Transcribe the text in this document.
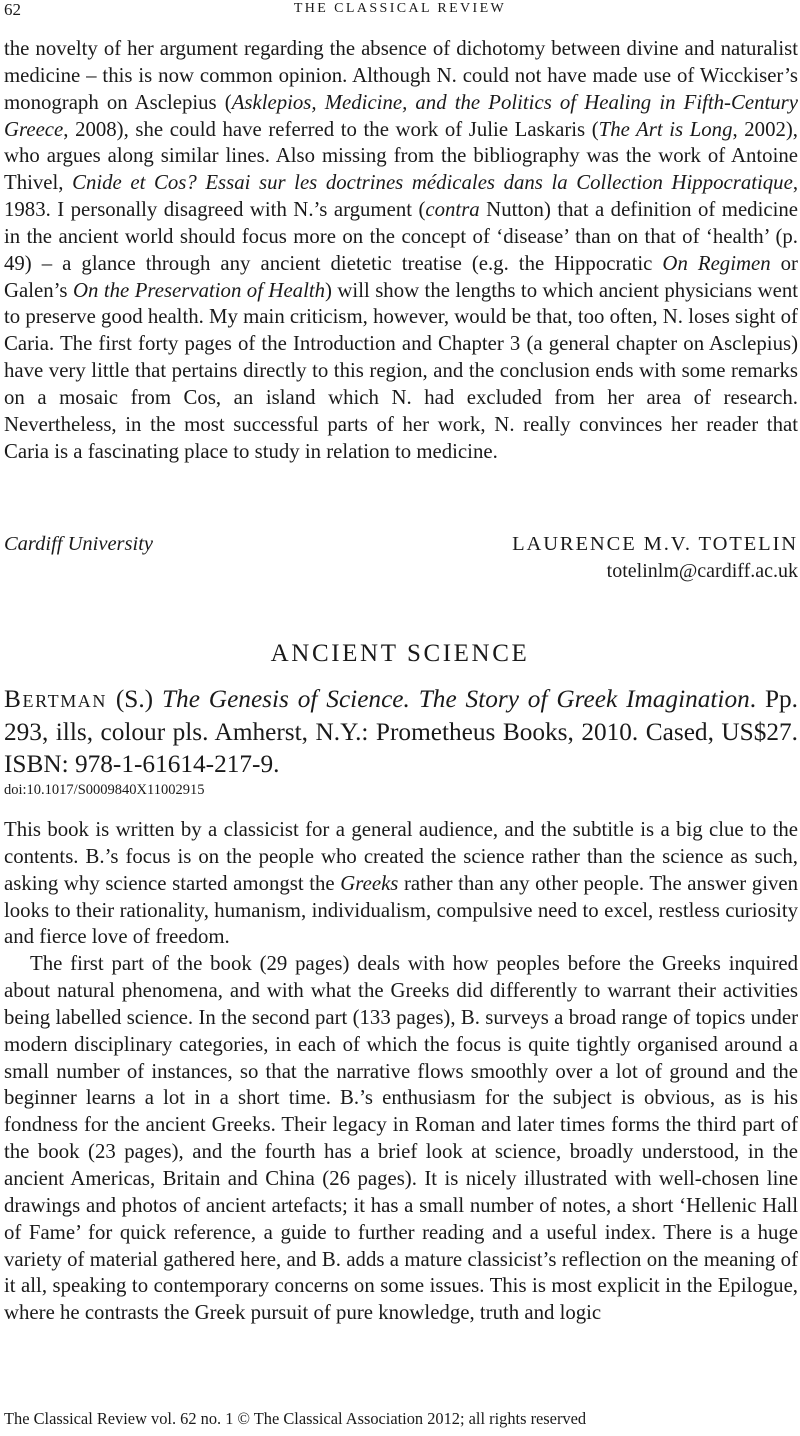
62	THE CLASSICAL REVIEW

the novelty of her argument regarding the absence of dichotomy between divine and naturalist medicine – this is now common opinion. Although N. could not have made use of Wicckiser’s monograph on Asclepius (Asklepios, Medicine, and the Politics of Healing in Fifth-Century Greece, 2008), she could have referred to the work of Julie Laskaris (The Art is Long, 2002), who argues along similar lines. Also missing from the bibliography was the work of Antoine Thivel, Cnide et Cos? Essai sur les doctrines médicales dans la Collection Hippocratique, 1983. I personally disagreed with N.’s argument (contra Nutton) that a definition of medicine in the ancient world should focus more on the concept of ‘disease’ than on that of ‘health’ (p. 49) – a glance through any ancient dietetic treatise (e.g. the Hippocratic On Regimen or Galen’s On the Preservation of Health) will show the lengths to which ancient physicians went to preserve good health. My main criticism, however, would be that, too often, N. loses sight of Caria. The first forty pages of the Introduction and Chapter 3 (a general chapter on Asclepius) have very little that pertains directly to this region, and the conclusion ends with some remarks on a mosaic from Cos, an island which N. had excluded from her area of research. Nevertheless, in the most successful parts of her work, N. really convinces her reader that Caria is a fascinating place to study in relation to medicine.

Cardiff University	LAURENCE M.V. TOTELIN
totelinlm@cardiff.ac.uk
ANCIENT SCIENCE
Bertman (S.) The Genesis of Science. The Story of Greek Imagination. Pp. 293, ills, colour pls. Amherst, N.Y.: Prometheus Books, 2010. Cased, US$27. ISBN: 978-1-61614-217-9.
doi:10.1017/S0009840X11002915

This book is written by a classicist for a general audience, and the subtitle is a big clue to the contents. B.’s focus is on the people who created the science rather than the science as such, asking why science started amongst the Greeks rather than any other people. The answer given looks to their rationality, humanism, individualism, compulsive need to excel, restless curiosity and fierce love of freedom.

The first part of the book (29 pages) deals with how peoples before the Greeks inquired about natural phenomena, and with what the Greeks did differently to warrant their activities being labelled science. In the second part (133 pages), B. surveys a broad range of topics under modern disciplinary categories, in each of which the focus is quite tightly organised around a small number of instances, so that the narrative flows smoothly over a lot of ground and the beginner learns a lot in a short time. B.’s enthusiasm for the subject is obvious, as is his fondness for the ancient Greeks. Their legacy in Roman and later times forms the third part of the book (23 pages), and the fourth has a brief look at science, broadly understood, in the ancient Americas, Britain and China (26 pages). It is nicely illustrated with well-chosen line drawings and photos of ancient artefacts; it has a small number of notes, a short ‘Hellenic Hall of Fame’ for quick reference, a guide to further reading and a useful index. There is a huge variety of material gathered here, and B. adds a mature classicist’s reflection on the meaning of it all, speaking to contemporary concerns on some issues. This is most explicit in the Epilogue, where he contrasts the Greek pursuit of pure knowledge, truth and logic

The Classical Review vol. 62 no. 1 © The Classical Association 2012; all rights reserved
